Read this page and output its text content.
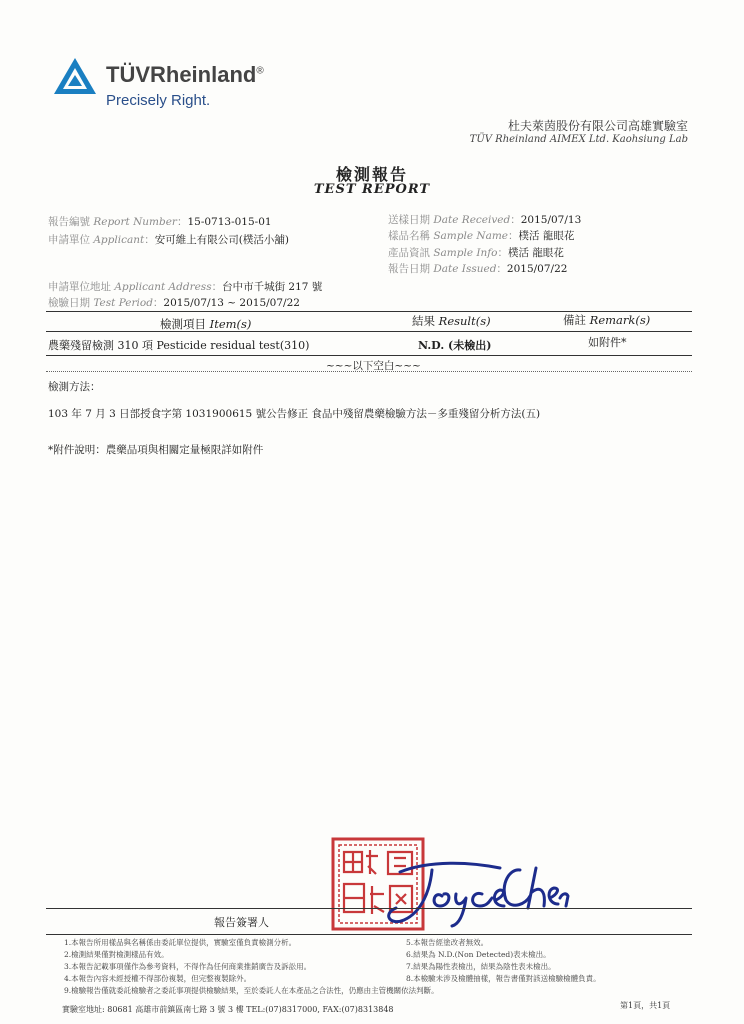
TÜVRheinland®
Precisely Right.
杜夫萊茵股份有限公司高雄實驗室
TÜV Rheinland AIMEX Ltd. Kaohsiung Lab
檢測報告
TEST REPORT
報告編號 Report Number：15-0713-015-01
申請單位 Applicant：安可維上有限公司(樸活小舖)
申請單位地址 Applicant Address：台中市千城街 217 號
檢驗日期 Test Period：2015/07/13 ~ 2015/07/22
送樣日期 Date Received：2015/07/13
樣品名稱 Sample Name：樸活 龍眼花
產品資訊 Sample Info：樸活 龍眼花
報告日期 Date Issued：2015/07/22
檢測項目 Item(s)	結果 Result(s)	備註 Remark(s)
農藥殘留檢測 310 項 Pesticide residual test(310)	N.D. (未檢出)	如附件*
~~~以下空白~~~
檢測方法：
103 年 7 月 3 日部授食字第 1031900615 號公告修正 食品中殘留農藥檢驗方法－多重殘留分析方法(五)
*附件說明：農藥品項與相關定量極限詳如附件
報告簽署人
1.本報告所用樣品與名稱係由委託單位提供，實驗室僅負責檢測分析。
2.檢測結果僅對檢測樣品有效。
3.本報告記載事項僅作為參考資料，不得作為任何商業推銷廣告及訴訟用。
4.本報告內容未經授權不得部份複製，但完整複製除外。
9.檢驗報告僅就委託檢驗者之委託事項提供檢驗結果，至於委託人在本產品之合法性，仍應由主管機關依法判斷。
5.本報告經塗改者無效。
6.結果為 N.D.(Non Detected)表未檢出。
7.結果為陽性表檢出，結果為陰性表未檢出。
8.本檢驗未涉及檢體抽樣，報告書僅對該送檢驗檢體負責。
實驗室地址: 80681 高雄市前鎮區南七路 3 號 3 樓 TEL:(07)8317000, FAX:(07)8313848	第1頁，共1頁
